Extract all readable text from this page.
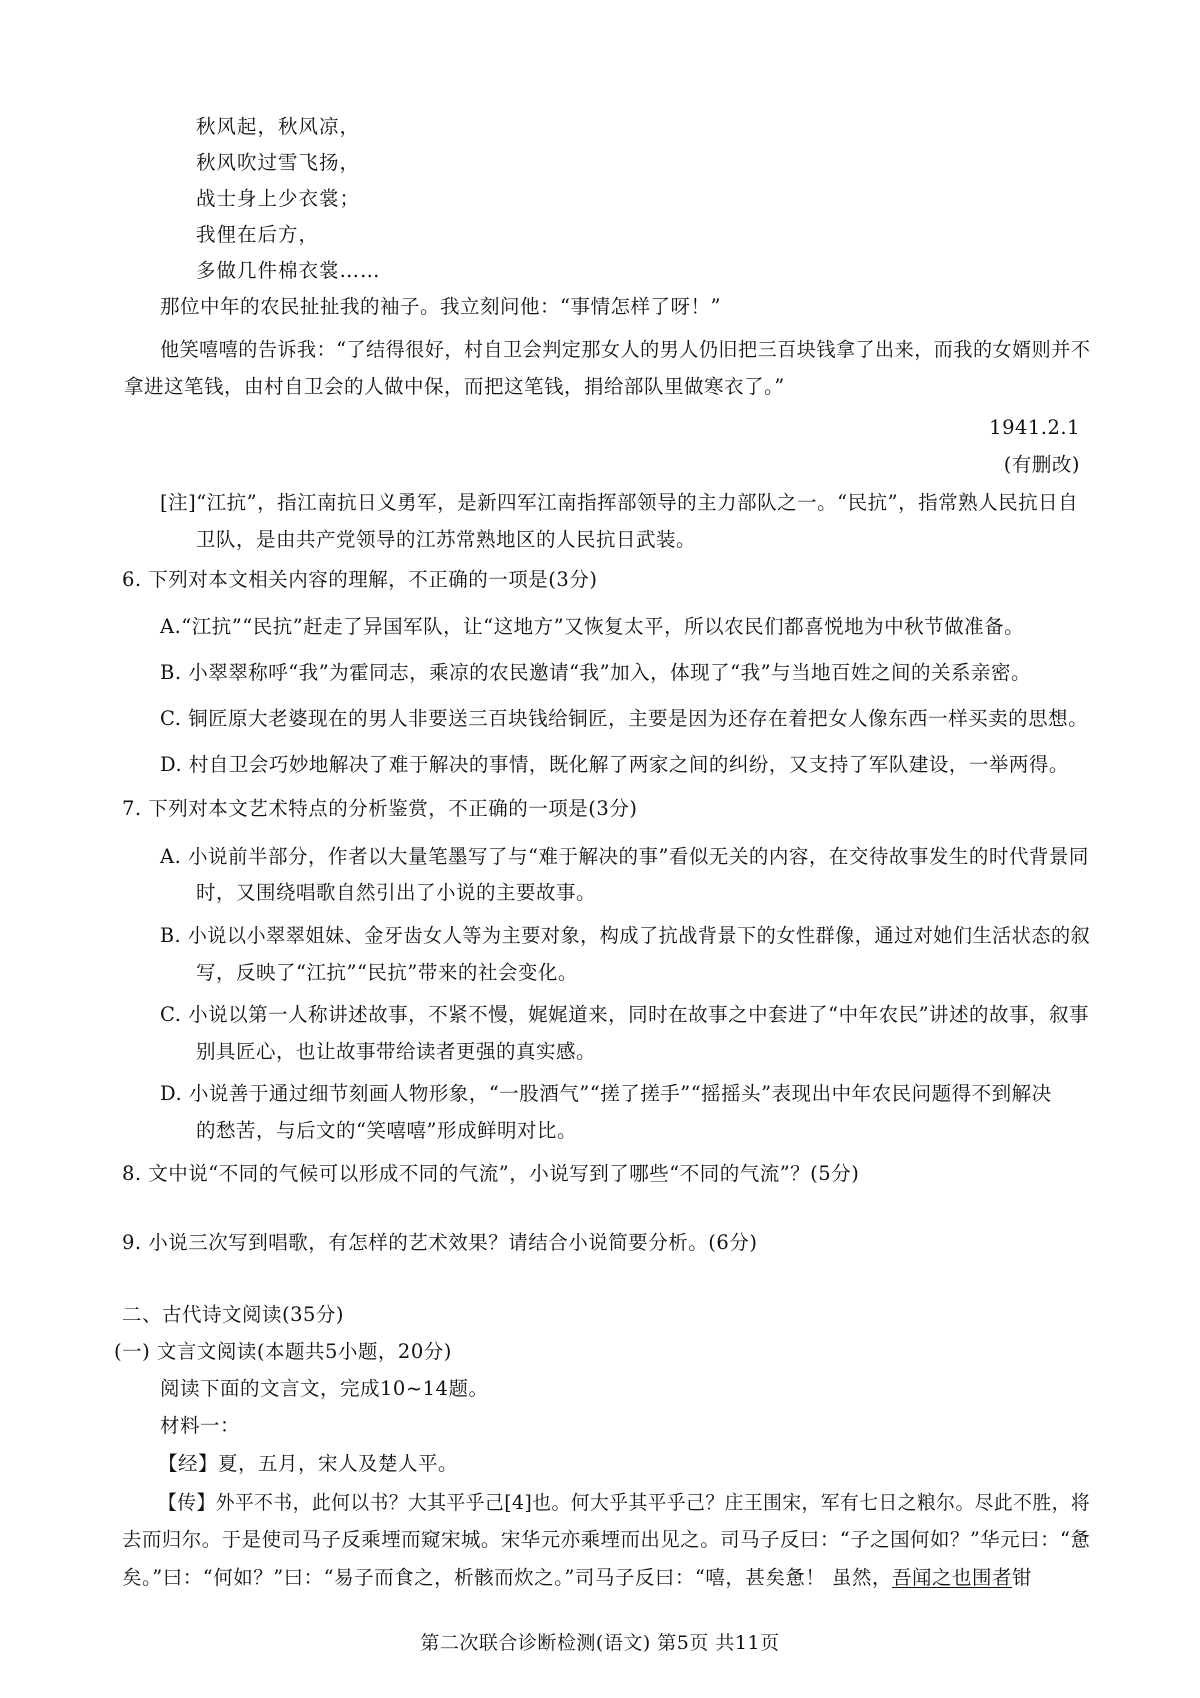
秋风起，秋风凉，
秋风吹过雪飞扬，
战士身上少衣裳；
我俚在后方，
多做几件棉衣裳……
那位中年的农民扯扯我的袖子。我立刻问他：“事情怎样了呀！”
他笑嘻嘻的告诉我：“了结得很好，村自卫会判定那女人的男人仍旧把三百块钱拿了出来，而我的女婿则并不
拿进这笔钱，由村自卫会的人做中保，而把这笔钱，捐给部队里做寒衣了。”
1941.2.1
(有删改)
[注]“江抗”，指江南抗日义勇军，是新四军江南指挥部领导的主力部队之一。“民抗”，指常熟人民抗日自
卫队，是由共产党领导的江苏常熟地区的人民抗日武装。
6. 下列对本文相关内容的理解，不正确的一项是(3分)
A.“江抗”“民抗”赶走了异国军队，让“这地方”又恢复太平，所以农民们都喜悦地为中秋节做准备。
B. 小翠翠称呼“我”为霍同志，乘凉的农民邀请“我”加入，体现了“我”与当地百姓之间的关系亲密。
C. 铜匠原大老婆现在的男人非要送三百块钱给铜匠，主要是因为还存在着把女人像东西一样买卖的思想。
D. 村自卫会巧妙地解决了难于解决的事情，既化解了两家之间的纠纷，又支持了军队建设，一举两得。
7. 下列对本文艺术特点的分析鉴赏，不正确的一项是(3分)
A. 小说前半部分，作者以大量笔墨写了与“难于解决的事”看似无关的内容，在交待故事发生的时代背景同
时，又围绕唱歌自然引出了小说的主要故事。
B. 小说以小翠翠姐妹、金牙齿女人等为主要对象，构成了抗战背景下的女性群像，通过对她们生活状态的叙
写，反映了“江抗”“民抗”带来的社会变化。
C. 小说以第一人称讲述故事，不紧不慢，娓娓道来，同时在故事之中套进了“中年农民”讲述的故事，叙事
别具匠心，也让故事带给读者更强的真实感。
D. 小说善于通过细节刻画人物形象，“一股酒气”“搓了搓手”“摇摇头”表现出中年农民问题得不到解决
的愁苦，与后文的“笑嘻嘻”形成鲜明对比。
8. 文中说“不同的气候可以形成不同的气流”，小说写到了哪些“不同的气流”？(5分)
9. 小说三次写到唱歌，有怎样的艺术效果？请结合小说简要分析。(6分)
二、古代诗文阅读(35分)
(一) 文言文阅读(本题共5小题，20分)
阅读下面的文言文，完成10~14题。
材料一：
【经】夏，五月，宋人及楚人平。
【传】外平不书，此何以书？大其平乎己[4]也。何大乎其平乎己？庄王围宋，军有七日之粮尔。尽此不胜，将
去而归尔。于是使司马子反乘堙而窥宋城。宋华元亦乘堙而出见之。司马子反曰：“子之国何如？”华元曰：“惫
矣。”曰：“何如？”曰：“易子而食之，析骸而炊之。”司马子反曰：“嘻，甚矣惫！ 虽然，吾闻之也围者钳
第二次联合诊断检测(语文) 第5页 共11页
